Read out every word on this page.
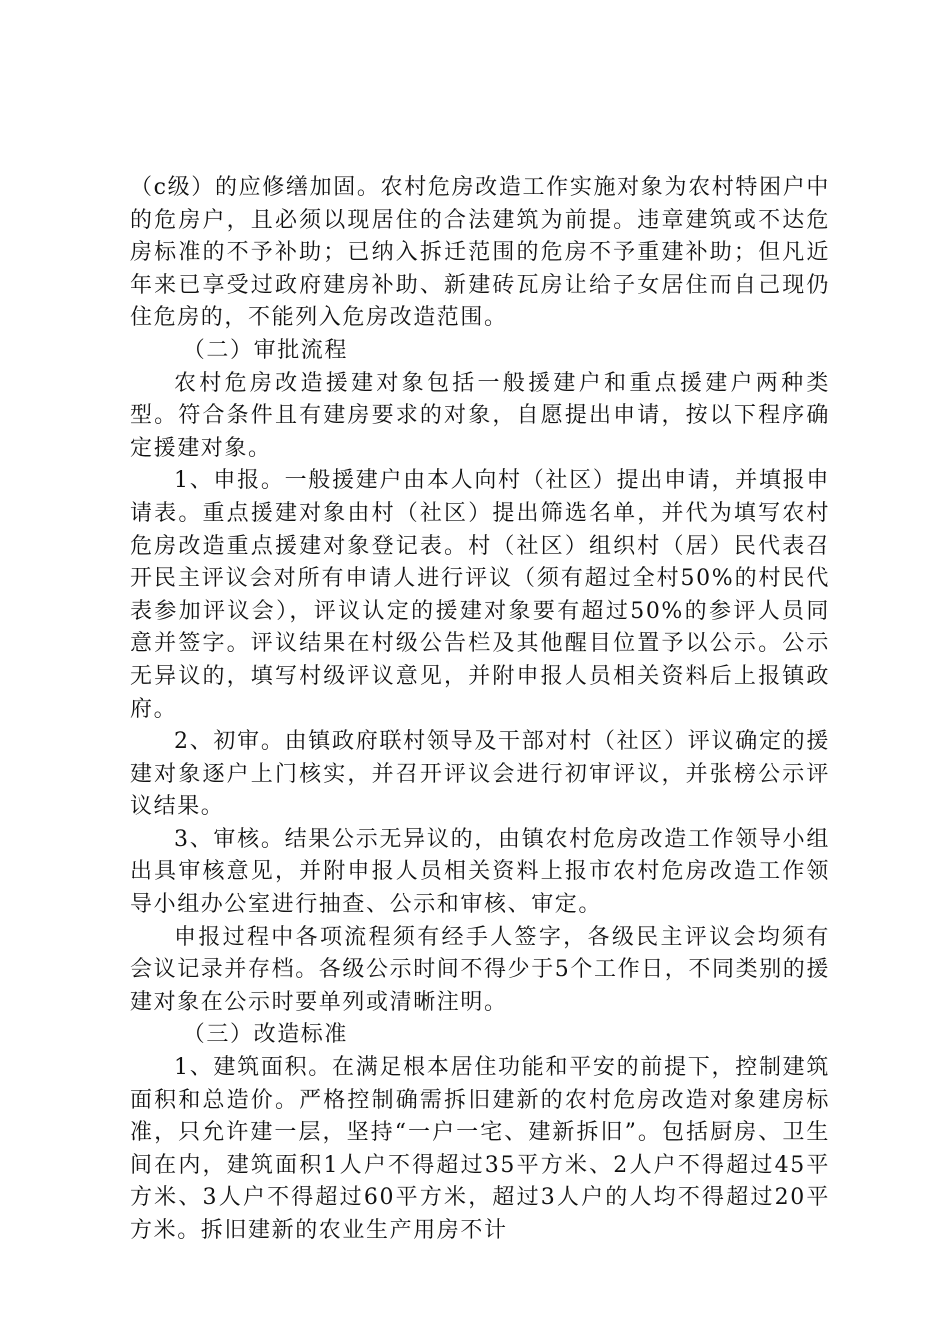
（c级）的应修缮加固。农村危房改造工作实施对象为农村特困户中的危房户，且必须以现居住的合法建筑为前提。违章建筑或不达危房标准的不予补助；已纳入拆迁范围的危房不予重建补助；但凡近年来已享受过政府建房补助、新建砖瓦房让给子女居住而自己现仍住危房的，不能列入危房改造范围。

（二）审批流程

农村危房改造援建对象包括一般援建户和重点援建户两种类型。符合条件且有建房要求的对象，自愿提出申请，按以下程序确定援建对象。

1、申报。一般援建户由本人向村（社区）提出申请，并填报申请表。重点援建对象由村（社区）提出筛选名单，并代为填写农村危房改造重点援建对象登记表。村（社区）组织村（居）民代表召开民主评议会对所有申请人进行评议（须有超过全村50%的村民代表参加评议会），评议认定的援建对象要有超过50%的参评人员同意并签字。评议结果在村级公告栏及其他醒目位置予以公示。公示无异议的，填写村级评议意见，并附申报人员相关资料后上报镇政府。

2、初审。由镇政府联村领导及干部对村（社区）评议确定的援建对象逐户上门核实，并召开评议会进行初审评议，并张榜公示评议结果。

3、审核。结果公示无异议的，由镇农村危房改造工作领导小组出具审核意见，并附申报人员相关资料上报市农村危房改造工作领导小组办公室进行抽查、公示和审核、审定。

申报过程中各项流程须有经手人签字，各级民主评议会均须有会议记录并存档。各级公示时间不得少于5个工作日，不同类别的援建对象在公示时要单列或清晰注明。

（三）改造标准

1、建筑面积。在满足根本居住功能和平安的前提下，控制建筑面积和总造价。严格控制确需拆旧建新的农村危房改造对象建房标准，只允许建一层，坚持“一户一宅、建新拆旧”。包括厨房、卫生间在内，建筑面积1人户不得超过35平方米、2人户不得超过45平方米、3人户不得超过60平方米，超过3人户的人均不得超过20平方米。拆旧建新的农业生产用房不计
